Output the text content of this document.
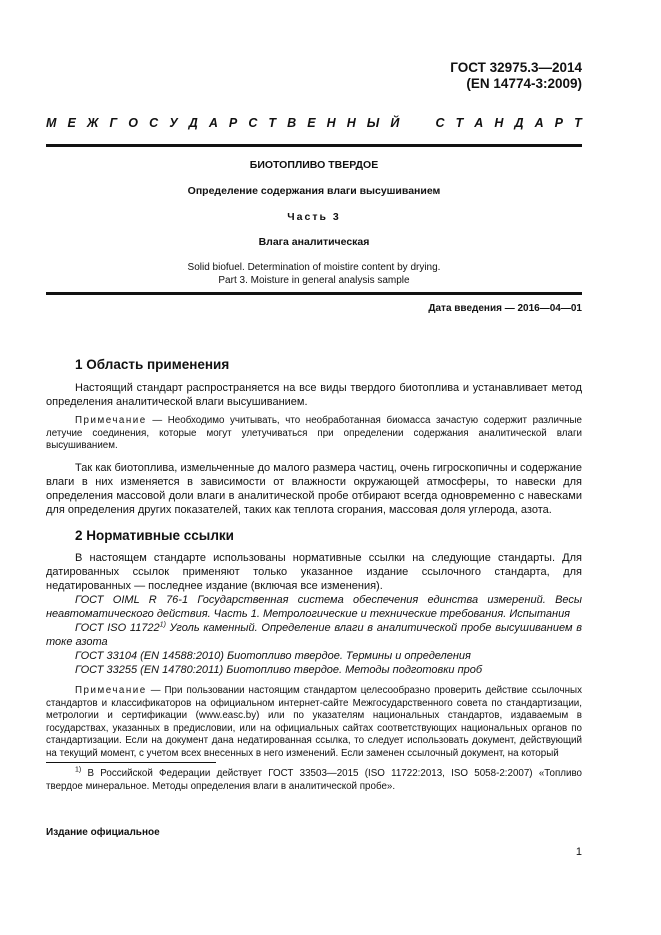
ГОСТ 32975.3—2014
(EN 14774-3:2009)
М Е Ж Г О С У Д А Р С Т В Е Н Н Ы Й	С Т А Н Д А Р Т
БИОТОПЛИВО ТВЕРДОЕ
Определение содержания влаги высушиванием
Часть 3
Влага аналитическая
Solid biofuel. Determination of moistire content by drying.
Part 3. Moisture in general analysis sample
Дата введения — 2016—04—01
1 Область применения

Настоящий стандарт распространяется на все виды твердого биотоплива и устанавливает метод определения аналитической влаги высушиванием.

Примечание — Необходимо учитывать, что необработанная биомасса зачастую содержит различные летучие соединения, которые могут улетучиваться при определении содержания аналитической влаги высушиванием.

Так как биотоплива, измельченные до малого размера частиц, очень гигроскопичны и содержание влаги в них изменяется в зависимости от влажности окружающей атмосферы, то навески для определения массовой доли влаги в аналитической пробе отбирают всегда одновременно с навесками для определения других показателей, таких как теплота сгорания, массовая доля углерода, азота.

2 Нормативные ссылки

В настоящем стандарте использованы нормативные ссылки на следующие стандарты. Для датированных ссылок применяют только указанное издание ссылочного стандарта, для недатированных — последнее издание (включая все изменения).

ГОСТ OIML R 76-1 Государственная система обеспечения единства измерений. Весы неавтоматического действия. Часть 1. Метрологические и технические требования. Испытания

ГОСТ ISO 11722$^{1)}$ Уголь каменный. Определение влаги в аналитической пробе высушиванием в токе азота

ГОСТ 33104 (EN 14588:2010) Биотопливо твердое. Термины и определения

ГОСТ 33255 (EN 14780:2011) Биотопливо твердое. Методы подготовки проб

Примечание — При пользовании настоящим стандартом целесообразно проверить действие ссылочных стандартов и классификаторов на официальном интернет-сайте Межгосударственного совета по стандартизации, метрологии и сертификации (www.easc.by) или по указателям национальных стандартов, издаваемым в государствах, указанных в предисловии, или на официальных сайтах соответствующих национальных органов по стандартизации. Если на документ дана недатированная ссылка, то следует использовать документ, действующий на текущий момент, с учетом всех внесенных в него изменений. Если заменен ссылочный документ, на который

$^{1)}$ В Российской Федерации действует ГОСТ 33503—2015 (ISO 11722:2013, ISO 5058-2:2007) «Топливо твердое минеральное. Методы определения влаги в аналитической пробе».
Издание официальное
1
